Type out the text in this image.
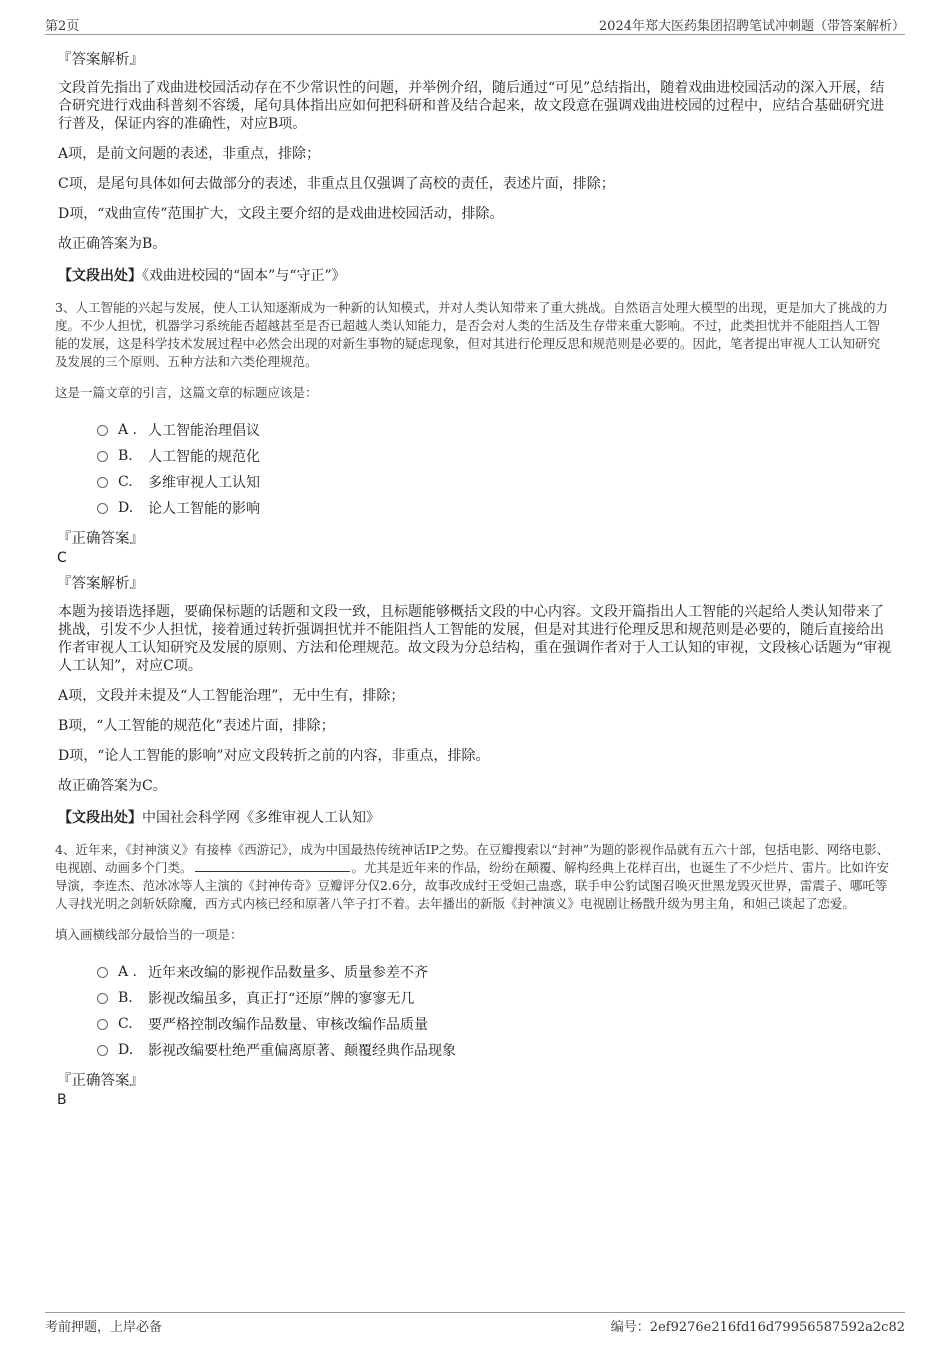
第2页	2024年郑大医药集团招聘笔试冲刺题（带答案解析）
『答案解析』
文段首先指出了戏曲进校园活动存在不少常识性的问题，并举例介绍，随后通过“可见”总结指出，随着戏曲进校园活动的深入开展，结合研究进行戏曲科普刻不容缓，尾句具体指出应如何把科研和普及结合起来，故文段意在强调戏曲进校园的过程中，应结合基础研究进行普及，保证内容的准确性，对应B项。
A项，是前文问题的表述，非重点，排除；
C项，是尾句具体如何去做部分的表述，非重点且仅强调了高校的责任，表述片面，排除；
D项，“戏曲宣传”范围扩大，文段主要介绍的是戏曲进校园活动，排除。
故正确答案为B。
【文段出处】《戏曲进校园的“固本”与“守正”》
3、人工智能的兴起与发展，使人工认知逐渐成为一种新的认知模式，并对人类认知带来了重大挑战。自然语言处理大模型的出现，更是加大了挑战的力度。不少人担忧，机器学习系统能否超越甚至是否已超越人类认知能力，是否会对人类的生活及生存带来重大影响。不过，此类担忧并不能阻挡人工智能的发展，这是科学技术发展过程中必然会出现的对新生事物的疑虑现象，但对其进行伦理反思和规范则是必要的。因此，笔者提出审视人工认知研究及发展的三个原则、五种方法和六类伦理规范。
这是一篇文章的引言，这篇文章的标题应该是：
A . 人工智能治理倡议
B.	人工智能的规范化
C.	多维审视人工认知
D.	论人工智能的影响
『正确答案』
C
『答案解析』
本题为接语选择题，要确保标题的话题和文段一致，且标题能够概括文段的中心内容。文段开篇指出人工智能的兴起给人类认知带来了挑战，引发不少人担忧，接着通过转折强调担忧并不能阻挡人工智能的发展，但是对其进行伦理反思和规范则是必要的，随后直接给出作者审视人工认知研究及发展的原则、方法和伦理规范。故文段为分总结构，重在强调作者对于人工认知的审视，文段核心话题为“审视人工认知”，对应C项。
A项，文段并未提及“人工智能治理”，无中生有，排除；
B项，“人工智能的规范化”表述片面，排除；
D项，“论人工智能的影响”对应文段转折之前的内容，非重点，排除。
故正确答案为C。
【文段出处】中国社会科学网《多维审视人工认知》
4、近年来，《封神演义》有接棒《西游记》，成为中国最热传统神话IP之势。在豆瓣搜索以“封神”为题的影视作品就有五六十部，包括电影、网络电影、电视剧、动画多个门类。	。尤其是近年来的作品，纷纷在颠覆、解构经典上花样百出，也诞生了不少烂片、雷片。比如许安导演，李连杰、范冰冰等人主演的《封神传奇》豆瓣评分仅2.6分，故事改成纣王受妲己蛊惑，联手申公豹试图召唤灭世黑龙毁灭世界，雷震子、哪吒等人寻找光明之剑斩妖除魔，西方式内核已经和原著八竿子打不着。去年播出的新版《封神演义》电视剧让杨戬升级为男主角，和妲己谈起了恋爱。
填入画横线部分最恰当的一项是：
A . 近年来改编的影视作品数量多、质量参差不齐
B.	影视改编虽多，真正打“还原”牌的寥寥无几
C.	要严格控制改编作品数量、审核改编作品质量
D.	影视改编要杜绝严重偏离原著、颠覆经典作品现象
『正确答案』
B
考前押题，上岸必备	编号：2ef9276e216fd16d79956587592a2c82
